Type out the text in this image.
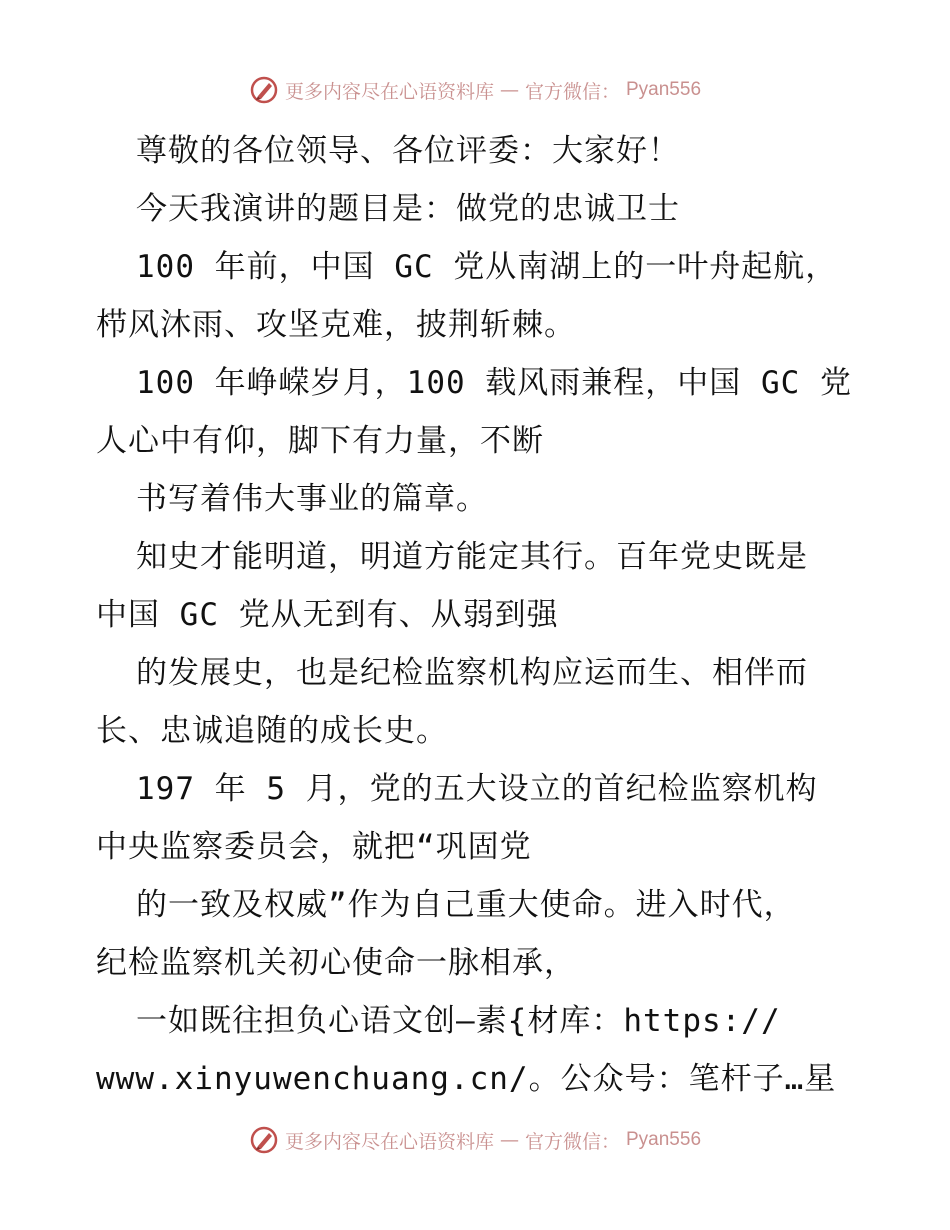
更多内容尽在心语资料库 — 官方微信： Pyan556
尊敬的各位领导、各位评委：大家好！
今天我演讲的题目是：做党的忠诚卫士
100 年前，中国 GC 党从南湖上的一叶舟起航，
栉风沐雨、攻坚克难，披荆斩棘。
100 年峥嵘岁月，100 载风雨兼程，中国 GC 党
人心中有仰，脚下有力量，不断
书写着伟大事业的篇章。
知史才能明道，明道方能定其行。百年党史既是
中国 GC 党从无到有、从弱到强
的发展史，也是纪检监察机构应运而生、相伴而
长、忠诚追随的成长史。
197 年 5 月，党的五大设立的首纪检监察机构
中央监察委员会，就把“巩固党
的一致及权威”作为自己重大使命。进入时代，
纪检监察机关初心使命一脉相承，
一如既往担负心语文创—素{材库：https://
www.xinyuwenchuang.cn/。公众号：笔杆子…星
更多内容尽在心语资料库 — 官方微信： Pyan556
